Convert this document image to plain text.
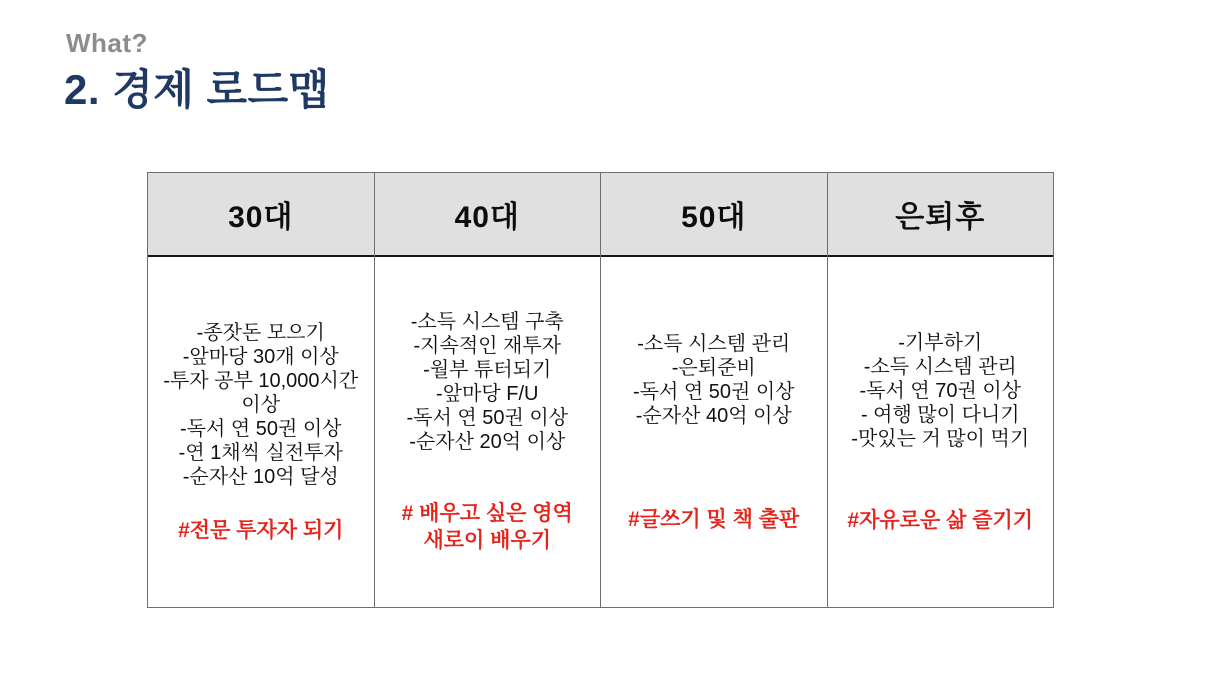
What?
2. 경제 로드맵
30대
-종잣돈 모으기
-앞마당 30개 이상
-투자 공부 10,000시간
이상
-독서 연 50권 이상
-연 1채씩 실전투자
-순자산 10억 달성
#전문 투자자 되기
40대
-소득 시스템 구축
-지속적인 재투자
-월부 튜터되기
-앞마당 F/U
-독서 연 50권 이상
-순자산 20억 이상
# 배우고 싶은 영역
새로이 배우기
50대
-소득 시스템 관리
-은퇴준비
-독서 연 50권 이상
-순자산 40억 이상
#글쓰기 및 책 출판
은퇴후
-기부하기
-소득 시스템 관리
-독서 연 70권 이상
- 여행 많이 다니기
-맛있는 거 많이 먹기
#자유로운 삶 즐기기
